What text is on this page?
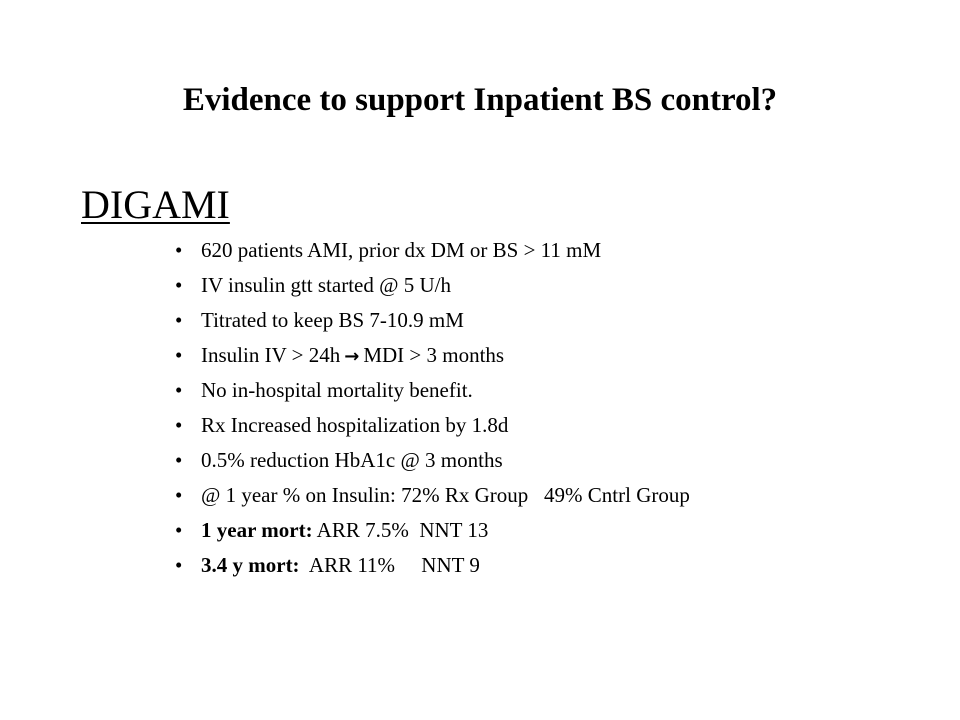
Evidence to support Inpatient BS control?
DIGAMI
• 620 patients AMI, prior dx DM or BS > 11 mM
• IV insulin gtt started @ 5 U/h
• Titrated to keep BS 7-10.9 mM
• Insulin IV > 24h → MDI > 3 months
• No in-hospital mortality benefit.
• Rx Increased hospitalization by 1.8d
• 0.5% reduction HbA1c @ 3 months
• @ 1 year % on Insulin: 72% Rx Group   49% Cntrl Group
• 1 year mort: ARR 7.5%  NNT 13
• 3.4 y mort:  ARR 11%     NNT 9
